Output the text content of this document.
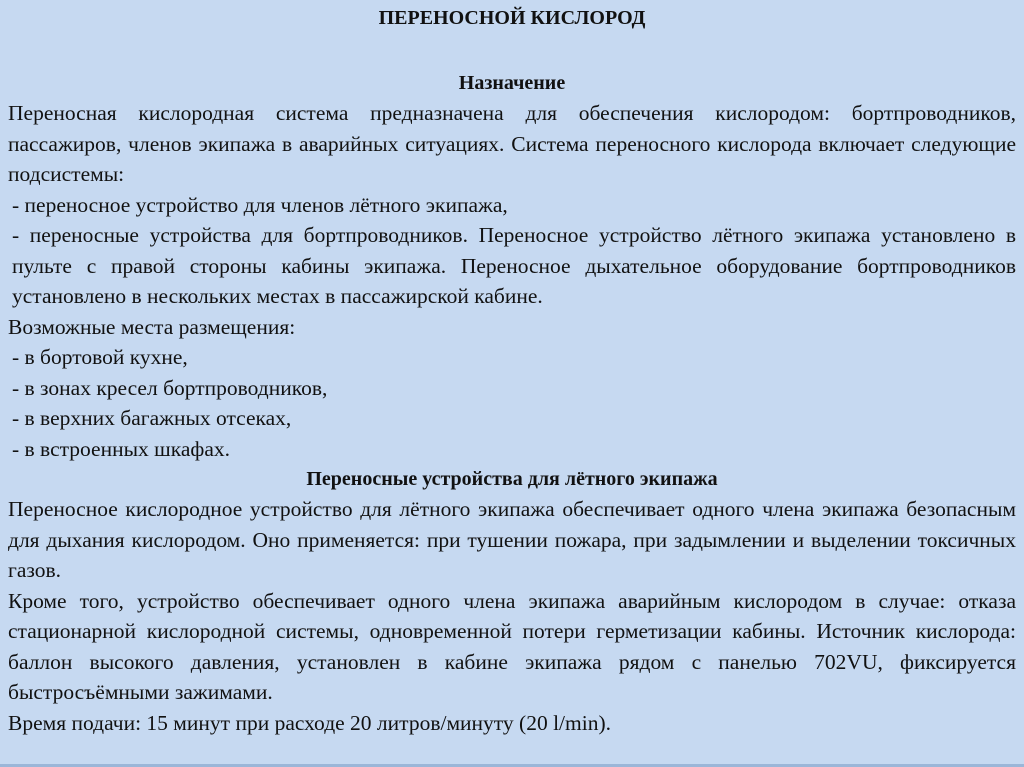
ПЕРЕНОСНОЙ КИСЛОРОД
Назначение

Переносная кислородная система предназначена для обеспечения кислородом: бортпроводников, пассажиров, членов экипажа в аварийных ситуациях. Система переносного кислорода включает следующие подсистемы:

- переносное устройство для членов лётного экипажа,

- переносные устройства для бортпроводников. Переносное устройство лётного экипажа установлено в пульте с правой стороны кабины экипажа. Переносное дыхательное оборудование бортпроводников установлено в нескольких местах в пассажирской кабине.

Возможные места размещения:

- в бортовой кухне,

- в зонах кресел бортпроводников,

- в верхних багажных отсеках,

- в встроенных шкафах.

Переносные устройства для лётного экипажа

Переносное кислородное устройство для лётного экипажа обеспечивает одного члена экипажа безопасным для дыхания кислородом. Оно применяется: при тушении пожара, при задымлении и выделении токсичных газов.

Кроме того, устройство обеспечивает одного члена экипажа аварийным кислородом в случае: отказа стационарной кислородной системы, одновременной потери герметизации кабины. Источник кислорода: баллон высокого давления, установлен в кабине экипажа рядом с панелью 702VU, фиксируется быстросъёмными зажимами.

Время подачи: 15 минут при расходе 20 литров/минуту (20 l/min).
